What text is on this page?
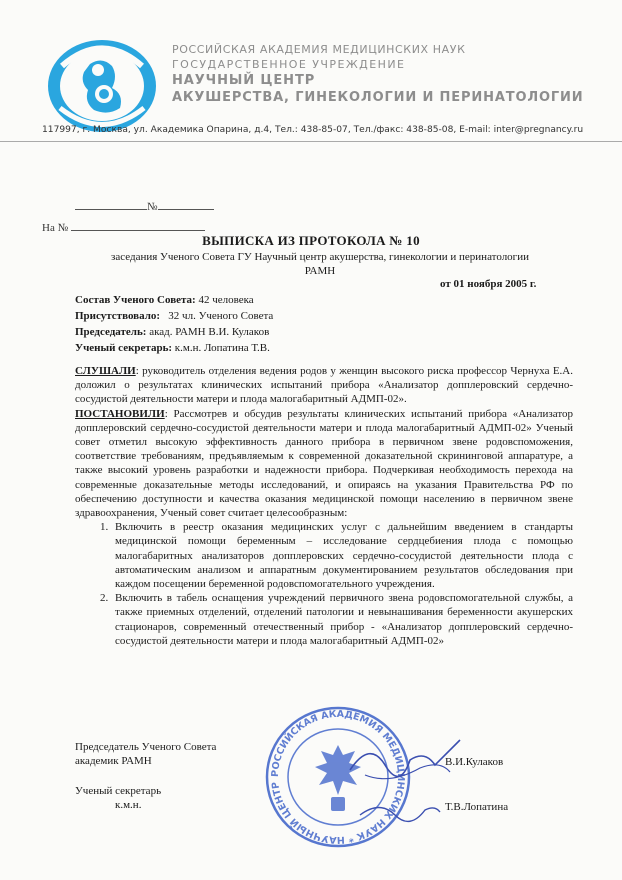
РОССИЙСКАЯ АКАДЕМИЯ МЕДИЦИНСКИХ НАУК
ГОСУДАРСТВЕННОЕ УЧРЕЖДЕНИЕ
НАУЧНЫЙ ЦЕНТР
АКУШЕРСТВА, ГИНЕКОЛОГИИ И ПЕРИНАТОЛОГИИ
117997, г. Москва, ул. Академика Опарина, д.4, Тел.: 438-85-07, Тел./факс: 438-85-08, E-mail: inter@pregnancy.ru
№
На №
ВЫПИСКА ИЗ ПРОТОКОЛА № 10
заседания Ученого Совета ГУ Научный центр акушерства, гинекологии и перинатологии
РАМН
от 01 ноября 2005 г.
Состав Ученого Совета: 42 человека
Присутствовало: 32 чл. Ученого Совета
Председатель: акад. РАМН В.И. Кулаков
Ученый секретарь: к.м.н. Лопатина Т.В.

СЛУШАЛИ: руководитель отделения ведения родов у женщин высокого риска профессор Чернуха Е.А. доложил о результатах клинических испытаний прибора «Анализатор допплеровский сердечно-сосудистой деятельности матери и плода малогабаритный АДМП-02».

ПОСТАНОВИЛИ: Рассмотрев и обсудив результаты клинических испытаний прибора «Анализатор допплеровский сердечно-сосудистой деятельности матери и плода малогабаритный АДМП-02» Ученый совет отметил высокую эффективность данного прибора в первичном звене родовспоможения, соответствие требованиям, предъявляемым к современной доказательной скрининговой аппаратуре, а также высокий уровень разработки и надежности прибора. Подчеркивая необходимость перехода на современные доказательные методы исследований, и опираясь на указания Правительства РФ по обеспечению доступности и качества оказания медицинской помощи населению в первичном звене здравоохранения, Ученый совет считает целесообразным:

1. Включить в реестр оказания медицинских услуг с дальнейшим введением в стандарты медицинской помощи беременным – исследование сердцебиения плода с помощью малогабаритных анализаторов допплеровских сердечно-сосудистой деятельности плода с автоматическим анализом и аппаратным документированием результатов обследования при каждом посещении беременной родовспомогательного учреждения.
2. Включить в табель оснащения учреждений первичного звена родовспомогательной службы, а также приемных отделений, отделений патологии и невынашивания беременности акушерских стационаров, современный отечественный прибор - «Анализатор допплеровский сердечно-сосудистой деятельности матери и плода малогабаритный АДМП-02»
РОССИЙСКАЯ АКАДЕМИЯ МЕДИЦИНСКИХ НАУК * НАУЧНЫЙ ЦЕНТР
Председатель Ученого Совета
академик РАМН	В.И.Кулаков
Ученый секретарь
к.м.н.	Т.В.Лопатина
